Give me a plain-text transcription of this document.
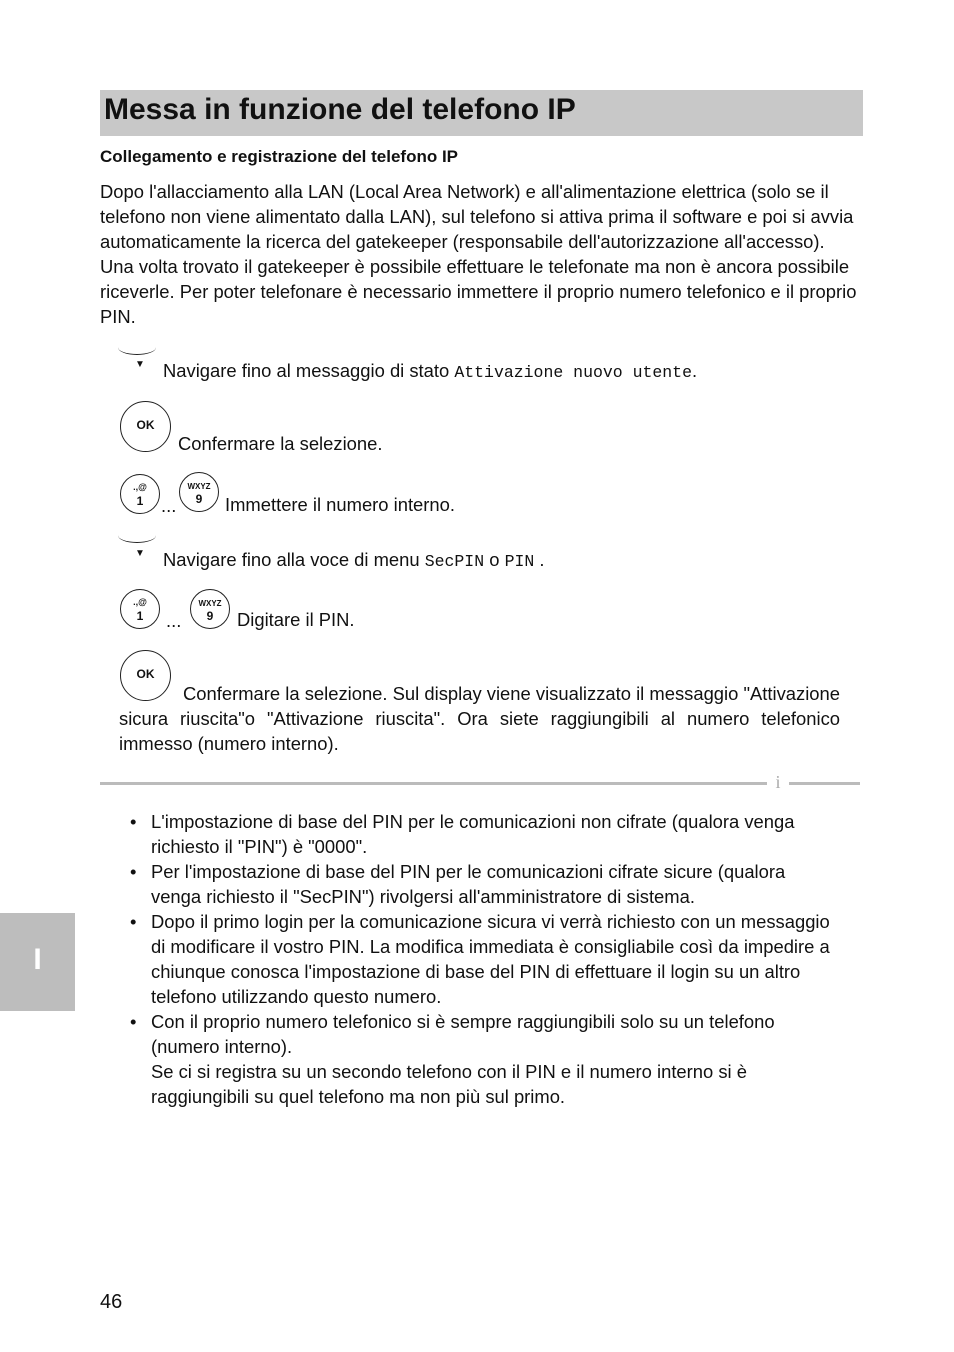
Messa in funzione del telefono IP
Collegamento e registrazione del telefono IP

Dopo l'allacciamento alla LAN (Local Area Network) e all'alimentazione elettrica (solo se il telefono non viene alimentato dalla LAN), sul telefono si attiva prima il software e poi si avvia automaticamente la ricerca del gatekeeper (responsabile dell'autorizzazione all'accesso). Una volta trovato il gatekeeper è possibile effettuare le telefonate ma non è ancora possibile riceverle. Per poter telefonare è necessario immettere il proprio numero telefonico e il proprio PIN.

▼ Navigare fino al messaggio di stato Attivazione nuovo utente.
OK
Confermare la selezione.
.,@
1 ...
WXYZ
9	Immettere il numero interno.
▼ Navigare fino alla voce di menu SecPIN o PIN .
.,@
1	...
WXYZ
9	Digitare il PIN.
OK

Confermare la selezione. Sul display viene visualizzato il messaggio "Attivazione sicura riuscita"o "Attivazione riuscita". Ora siete raggiungibili al numero telefonico immesso (numero interno).

i
• L'impostazione di base del PIN per le comunicazioni non cifrate (qualora venga richiesto il "PIN") è "0000".
• Per l'impostazione di base del PIN per le comunicazioni cifrate sicure (qualora venga richiesto il "SecPIN") rivolgersi all'amministratore di sistema.
• Dopo il primo login per la comunicazione sicura vi verrà richiesto con un messaggio di modificare il vostro PIN. La modifica immediata è consigliabile così da impedire a chiunque conosca l'impostazione di base del PIN di effettuare il login su un altro telefono utilizzando questo numero.
• Con il proprio numero telefonico si è sempre raggiungibili solo su un telefono (numero interno).
Se ci si registra su un secondo telefono con il PIN e il numero interno si è raggiungibili su quel telefono ma non più sul primo.
I
46
